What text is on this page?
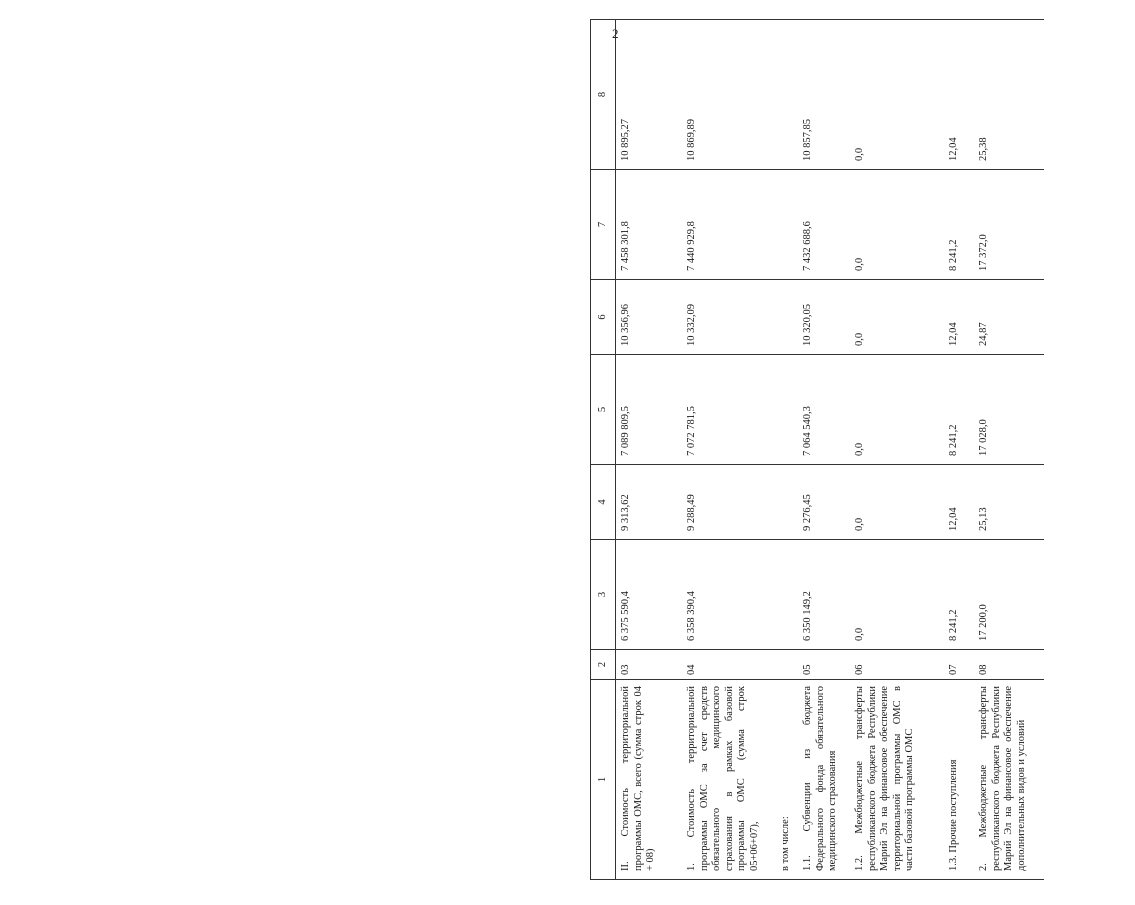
2
1	2	3	4	5	6	7	8
II. Стоимость территориальной программы ОМС, всего (сумма строк 04 + 08)	03	6 375 590,4	9 313,62	7 089 809,5	10 356,96	7 458 301,8	10 895,27
1. Стоимость территориальной программы ОМС за счет средств обязательного медицинского страхования в рамках базовой программы ОМС (сумма строк 05+06+07),	04	6 358 390,4	9 288,49	7 072 781,5	10 332,09	7 440 929,8	10 869,89
в том числе:							
1.1. Субвенции из бюджета Федерального фонда обязательного медицинского страхования	05	6 350 149,2	9 276,45	7 064 540,3	10 320,05	7 432 688,6	10 857,85
1.2. Межбюджетные трансферты республиканского бюджета Республики Марий Эл на финансовое обеспечение территориальной программы ОМС в части базовой программы ОМС	06	0,0	0,0	0,0	0,0	0,0	0,0
1.3. Прочие поступления	07	8 241,2	12,04	8 241,2	12,04	8 241,2	12,04
2. Межбюджетные трансферты республиканского бюджета Республики Марий Эл на финансовое обеспечение дополнительных видов и условий	08	17 200,0	25,13	17 028,0	24,87	17 372,0	25,38
